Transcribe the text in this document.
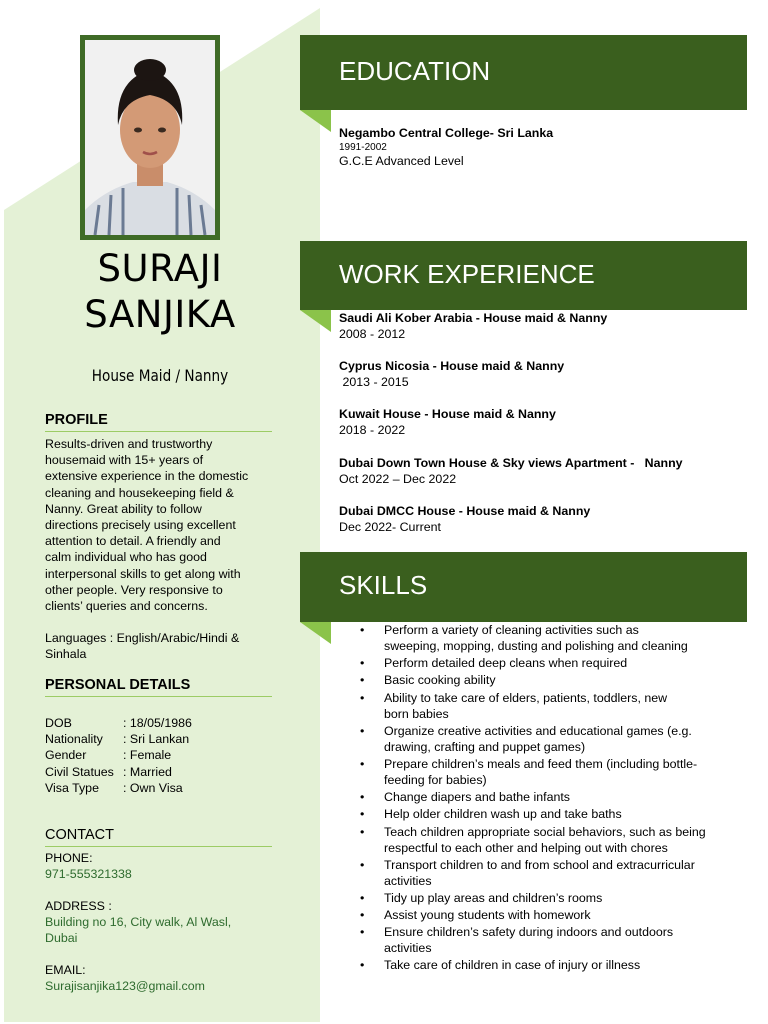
SURAJI
SANJIKA
House Maid / Nanny
PROFILE
Results-driven and trustworthy
housemaid with 15+ years of
extensive experience in the domestic
cleaning and housekeeping field &
Nanny. Great ability to follow
directions precisely using excellent
attention to detail. A friendly and
calm individual who has good
interpersonal skills to get along with
other people. Very responsive to
clients’ queries and concerns.
Languages : English/Arabic/Hindi &
Sinhala
PERSONAL DETAILS
DOB	: 18/05/1986
Nationality	: Sri Lankan
Gender	: Female
Civil Statues : Married
Visa Type	: Own Visa
CONTACT
PHONE:
971-555321338
ADDRESS :
Building no 16, City walk, Al Wasl,
Dubai
EMAIL:
Surajisanjika123@gmail.com
EDUCATION
Negambo Central College- Sri Lanka
1991-2002
G.C.E Advanced Level
WORK EXPERIENCE
Saudi Ali Kober Arabia - House maid & Nanny
2008 - 2012
Cyprus Nicosia - House maid & Nanny
2013 - 2015
Kuwait House - House maid & Nanny
2018 - 2022
Dubai Down Town House & Sky views Apartment -   Nanny
Oct 2022 – Dec 2022
Dubai DMCC House - House maid & Nanny
Dec 2022- Current
SKILLS
• Perform a variety of cleaning activities such as
sweeping, mopping, dusting and polishing and cleaning
• Perform detailed deep cleans when required
• Basic cooking ability
• Ability to take care of elders, patients, toddlers, new
born babies
• Organize creative activities and educational games (e.g.
drawing, crafting and puppet games)
• Prepare children’s meals and feed them (including bottle-
feeding for babies)
• Change diapers and bathe infants
• Help older children wash up and take baths
• Teach children appropriate social behaviors, such as being
respectful to each other and helping out with chores
• Transport children to and from school and extracurricular
activities
• Tidy up play areas and children’s rooms
• Assist young students with homework
• Ensure children’s safety during indoors and outdoors
activities
• Take care of children in case of injury or illness
